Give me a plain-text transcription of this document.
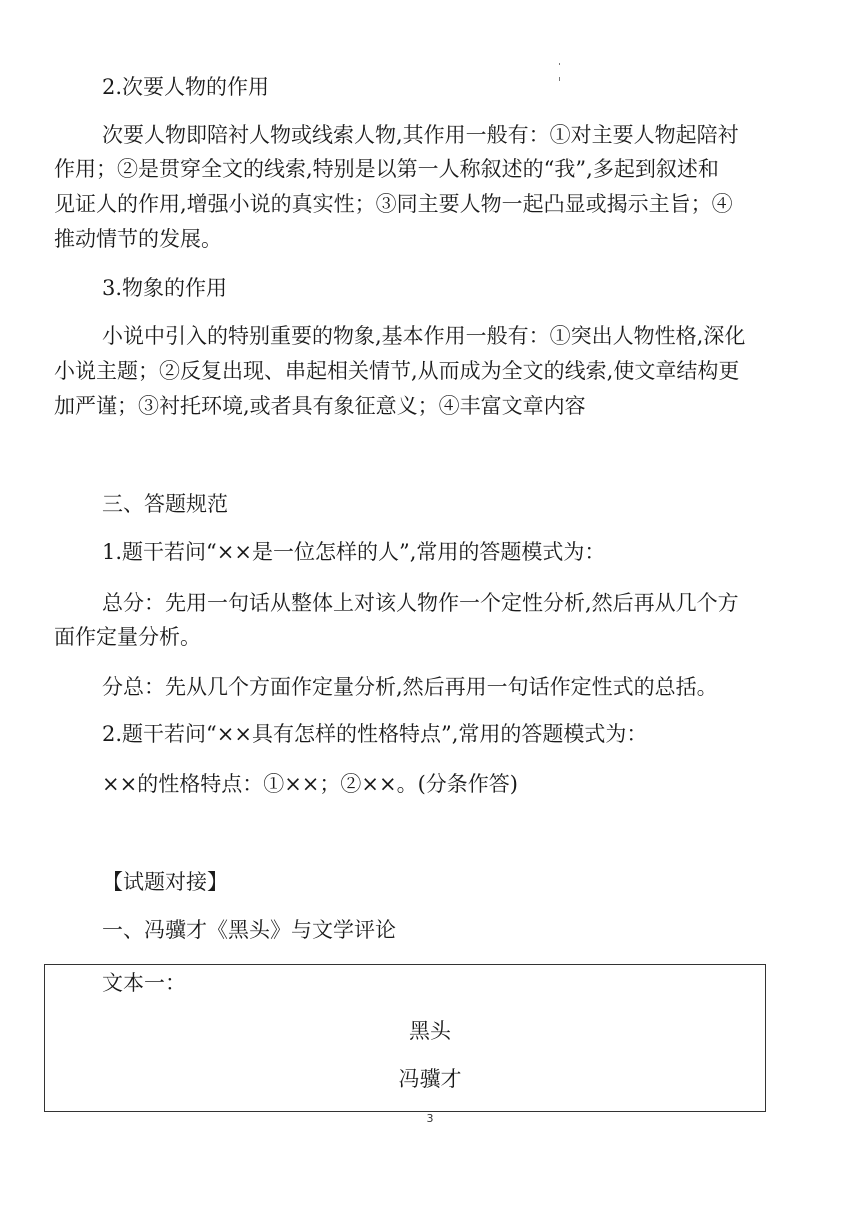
2.次要人物的作用
次要人物即陪衬人物或线索人物,其作用一般有：①对主要人物起陪衬
作用；②是贯穿全文的线索,特别是以第一人称叙述的“我”,多起到叙述和
见证人的作用,增强小说的真实性；③同主要人物一起凸显或揭示主旨；④
推动情节的发展。
3.物象的作用
小说中引入的特别重要的物象,基本作用一般有：①突出人物性格,深化
小说主题；②反复出现、串起相关情节,从而成为全文的线索,使文章结构更
加严谨；③衬托环境,或者具有象征意义；④丰富文章内容
三、答题规范
1.题干若问“××是一位怎样的人”,常用的答题模式为：
总分：先用一句话从整体上对该人物作一个定性分析,然后再从几个方
面作定量分析。
分总：先从几个方面作定量分析,然后再用一句话作定性式的总括。
2.题干若问“××具有怎样的性格特点”,常用的答题模式为：
××的性格特点：①××；②××。(分条作答)
【试题对接】
一、冯骥才《黑头》与文学评论
文本一：
黑头
冯骥才
3
